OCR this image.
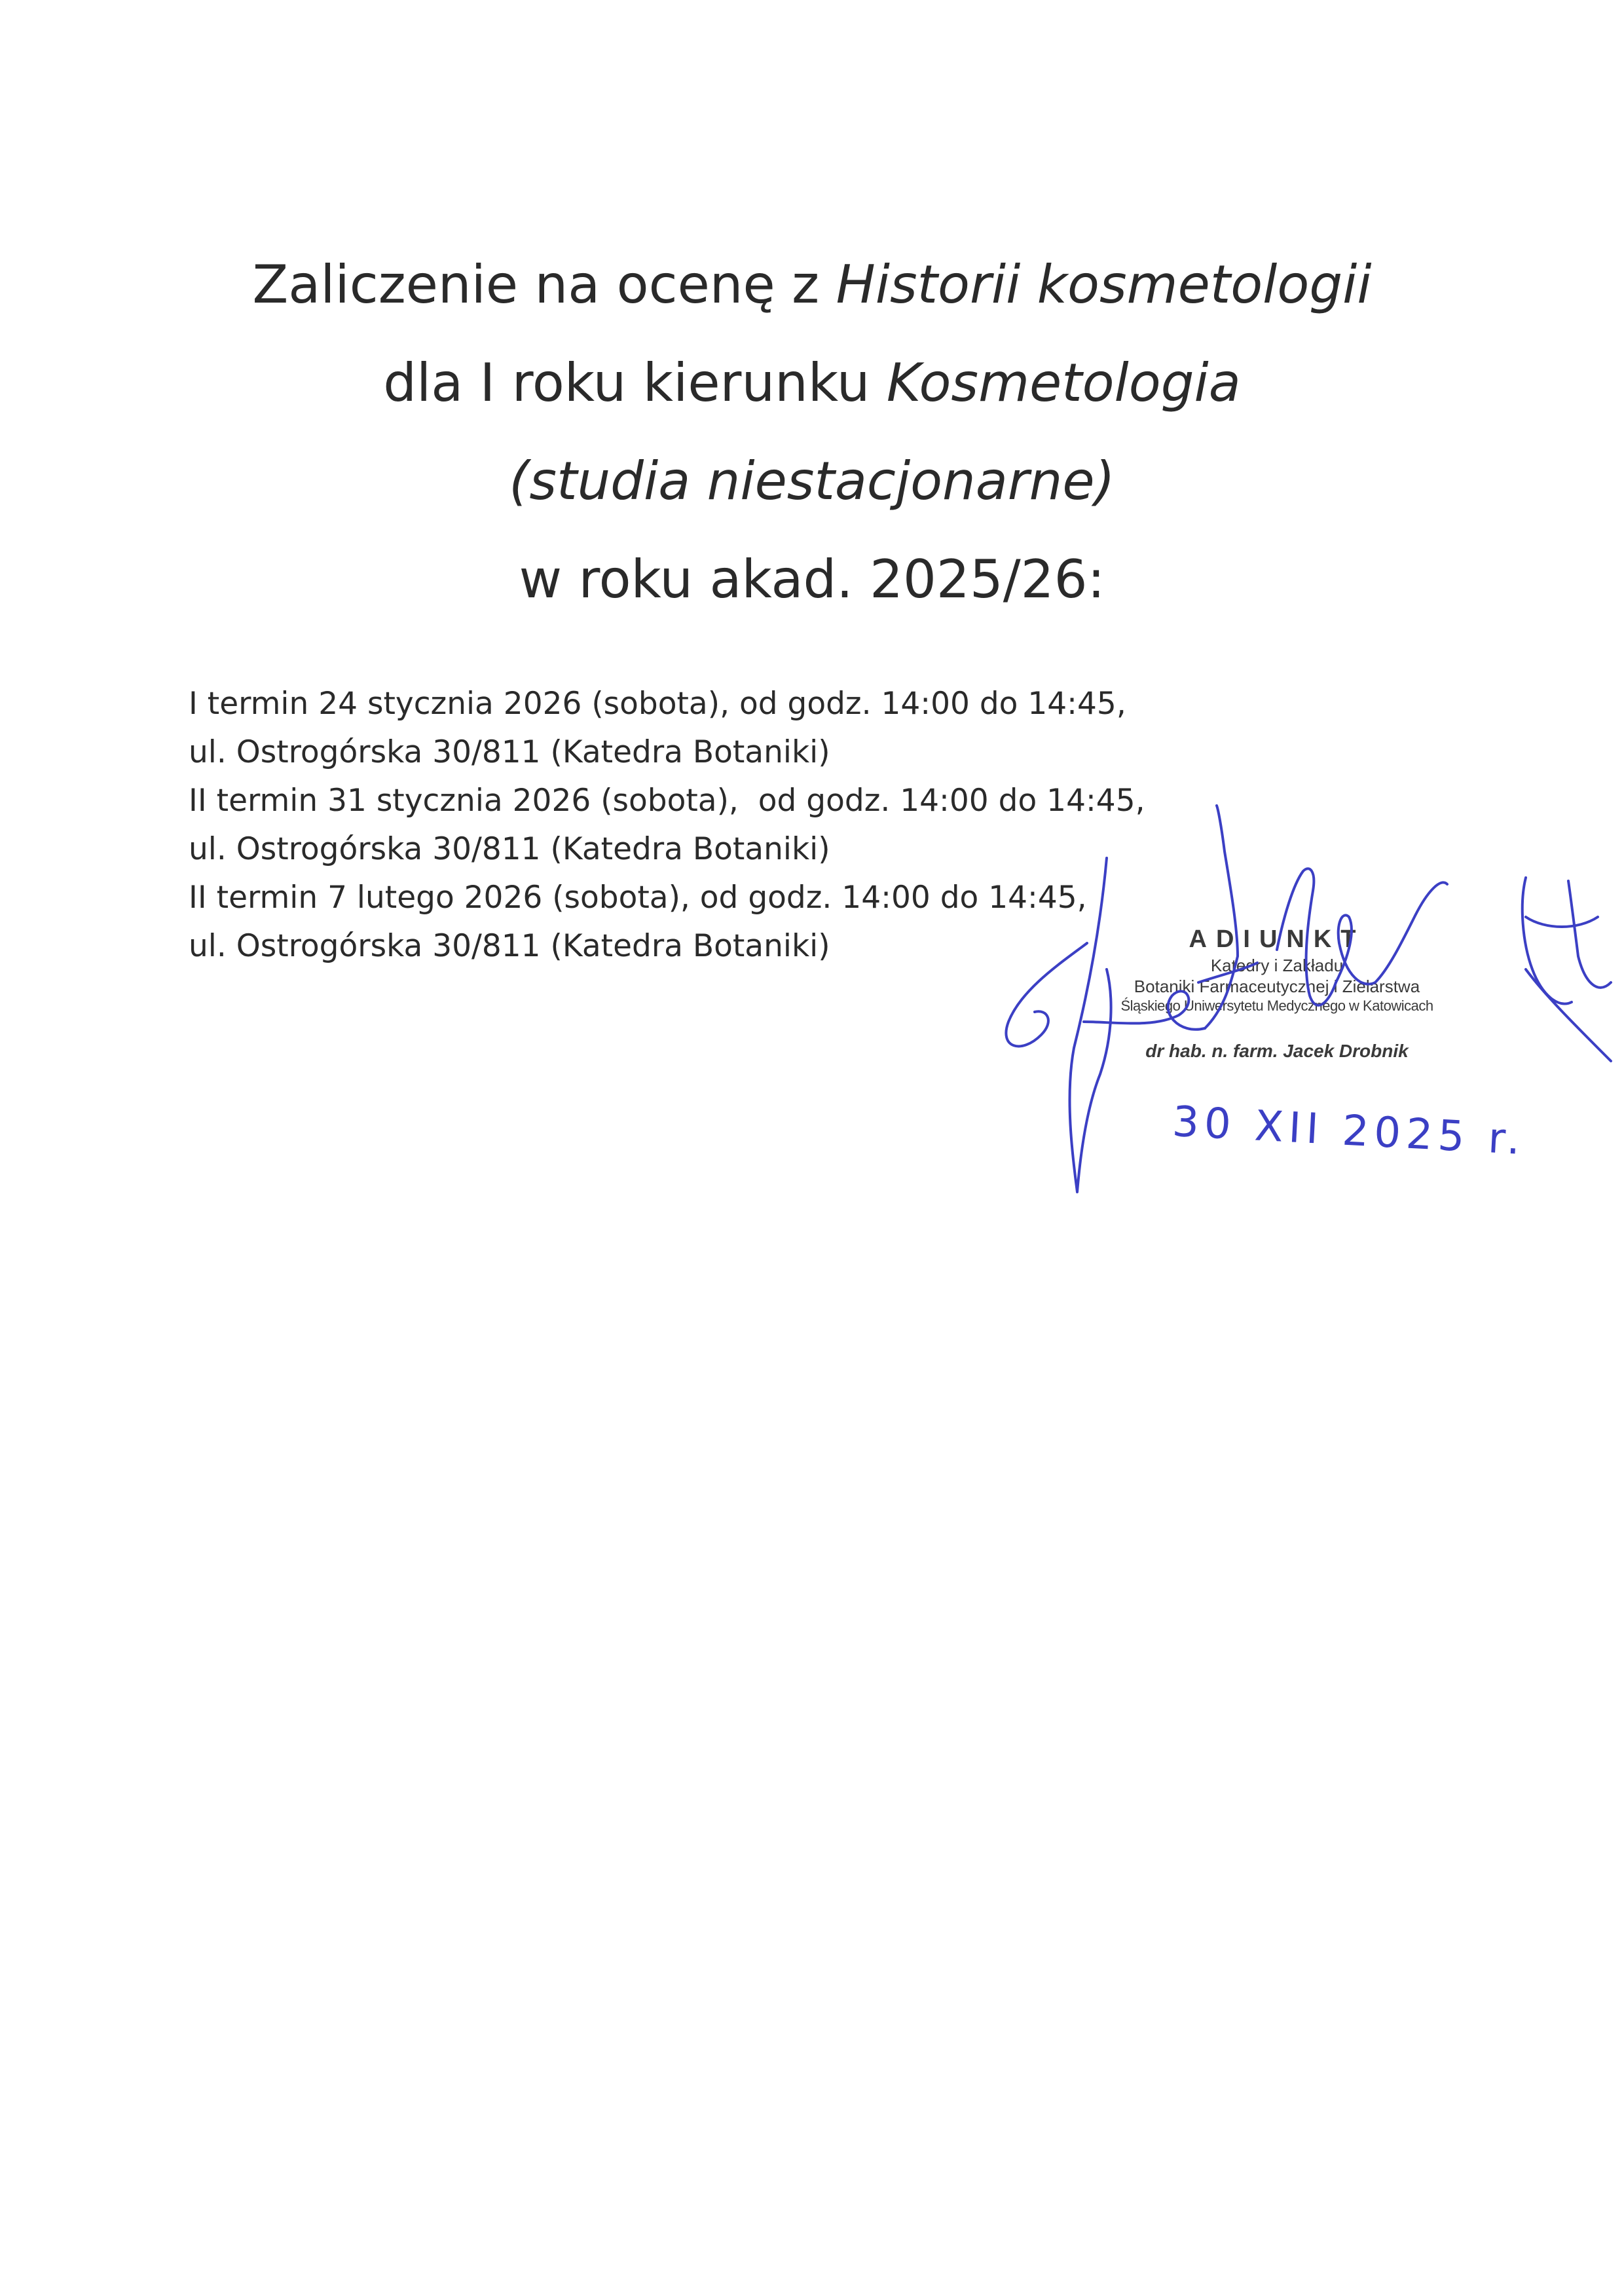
Zaliczenie na ocenę z Historii kosmetologii
dla I roku kierunku Kosmetologia
(studia niestacjonarne)
w roku akad. 2025/26:
I termin 24 stycznia 2026 (sobota), od godz. 14:00 do 14:45,
ul. Ostrogórska 30/811 (Katedra Botaniki)
II termin 31 stycznia 2026 (sobota),  od godz. 14:00 do 14:45,
ul. Ostrogórska 30/811 (Katedra Botaniki)
II termin 7 lutego 2026 (sobota), od godz. 14:00 do 14:45,
ul. Ostrogórska 30/811 (Katedra Botaniki)	ADIUNKT
Katedry i Zakładu
Botaniki Farmaceutycznej i Zielarstwa
Śląskiego Uniwersytetu Medycznego w Katowicach
dr hab. n. farm. Jacek Drobnik
30 XII 2025 r.
